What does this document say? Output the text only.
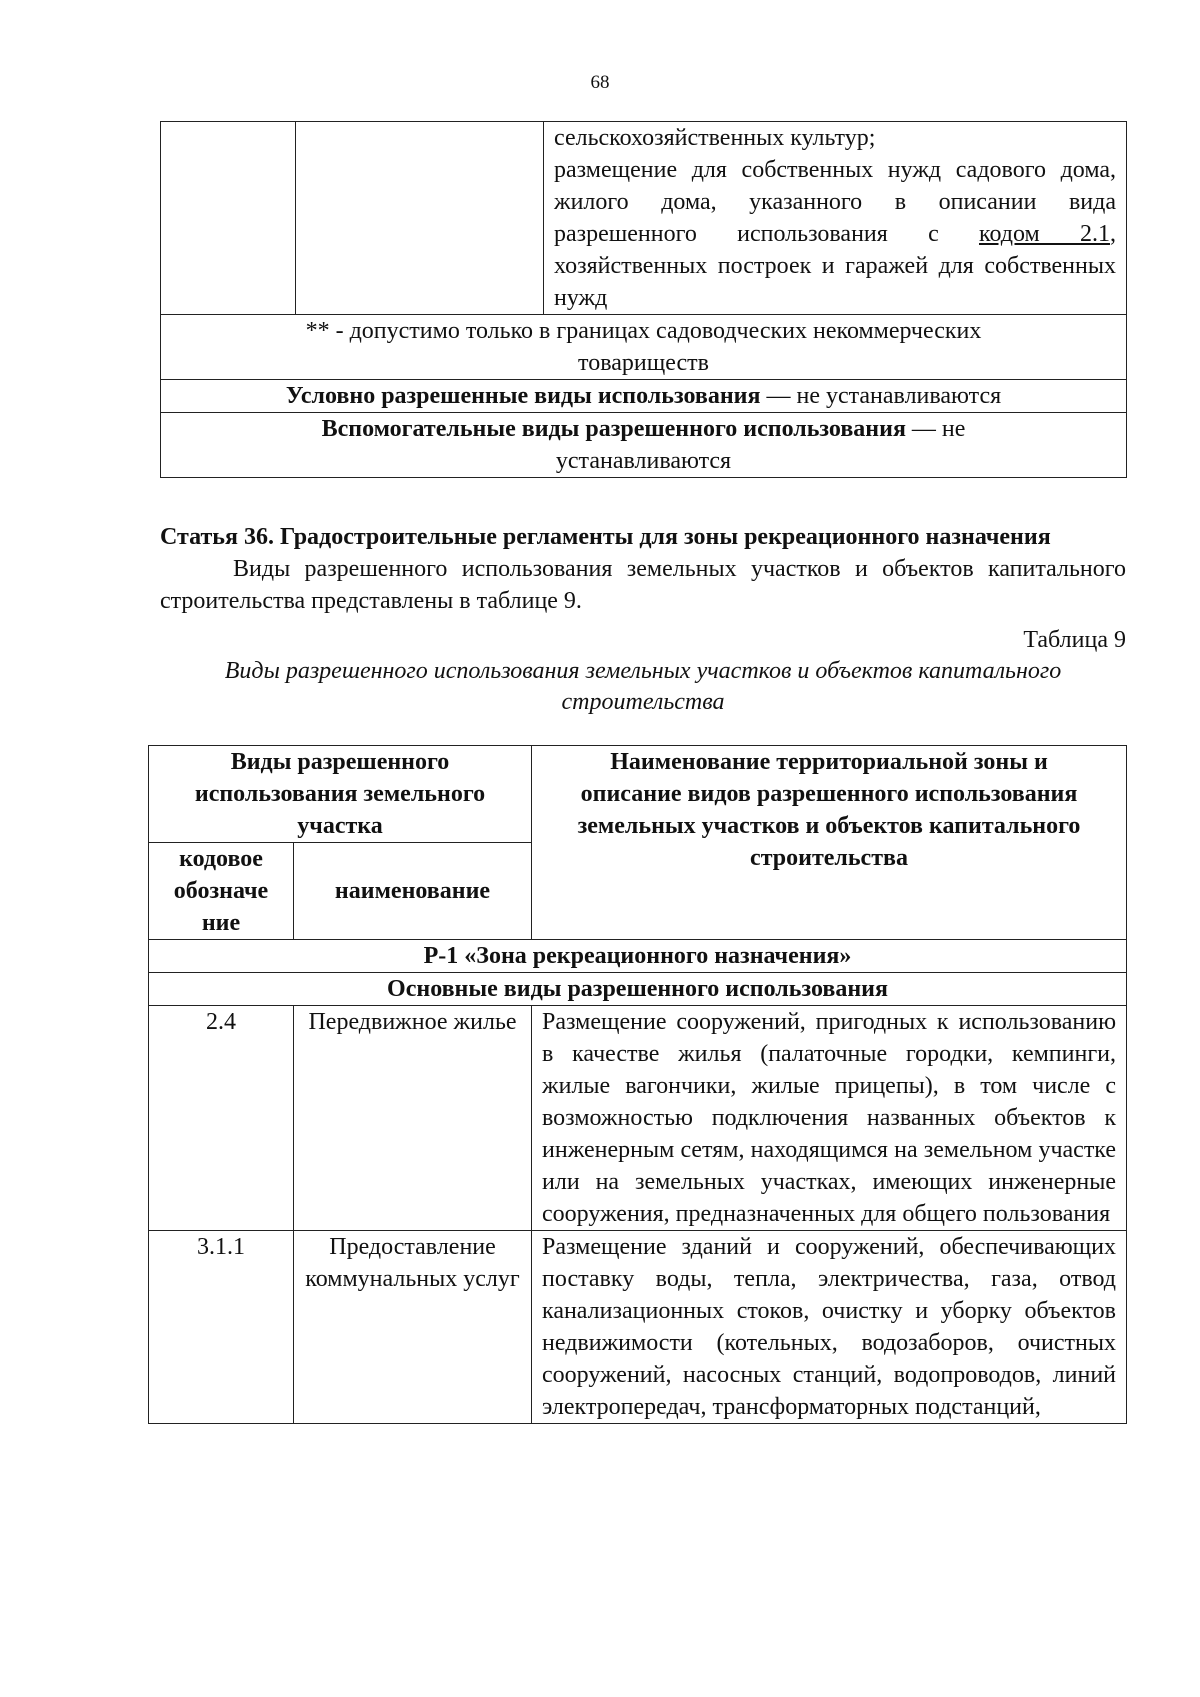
68

сельскохозяйственных культур;
размещение для собственных нужд садового дома, жилого дома, указанного в описании вида разрешенного использования с кодом 2.1, хозяйственных построек и гаражей для собственных нужд

** - допустимо только в границах садоводческих некоммерческих товариществ
Условно разрешенные виды использования — не устанавливаются
Вспомогательные виды разрешенного использования — не устанавливаются
Статья 36. Градостроительные регламенты для зоны рекреационного назначения
Виды разрешенного использования земельных участков и объектов капитального строительства представлены в таблице 9.
Таблица 9
Виды разрешенного использования земельных участков и объектов капитального строительства
Виды разрешенного использования земельного участка		Наименование территориальной зоны и описание видов разрешенного использования земельных участков и объектов капитального строительства
кодовое обозначе ние	наименование	
Р-1 «Зона рекреационного назначения»		
Основные виды разрешенного использования		
2.4	Передвижное жилье	Размещение сооружений, пригодных к использованию в качестве жилья (палаточные городки, кемпинги, жилые вагончики, жилые прицепы), в том числе с возможностью подключения названных объектов к инженерным сетям, находящимся на земельном участке или на земельных участках, имеющих инженерные сооружения, предназначенных для общего пользования
3.1.1	Предоставление коммунальных услуг	Размещение зданий и сооружений, обеспечивающих поставку воды, тепла, электричества, газа, отвод канализационных стоков, очистку и уборку объектов недвижимости (котельных, водозаборов, очистных сооружений, насосных станций, водопроводов, линий электропередач, трансформаторных подстанций,
